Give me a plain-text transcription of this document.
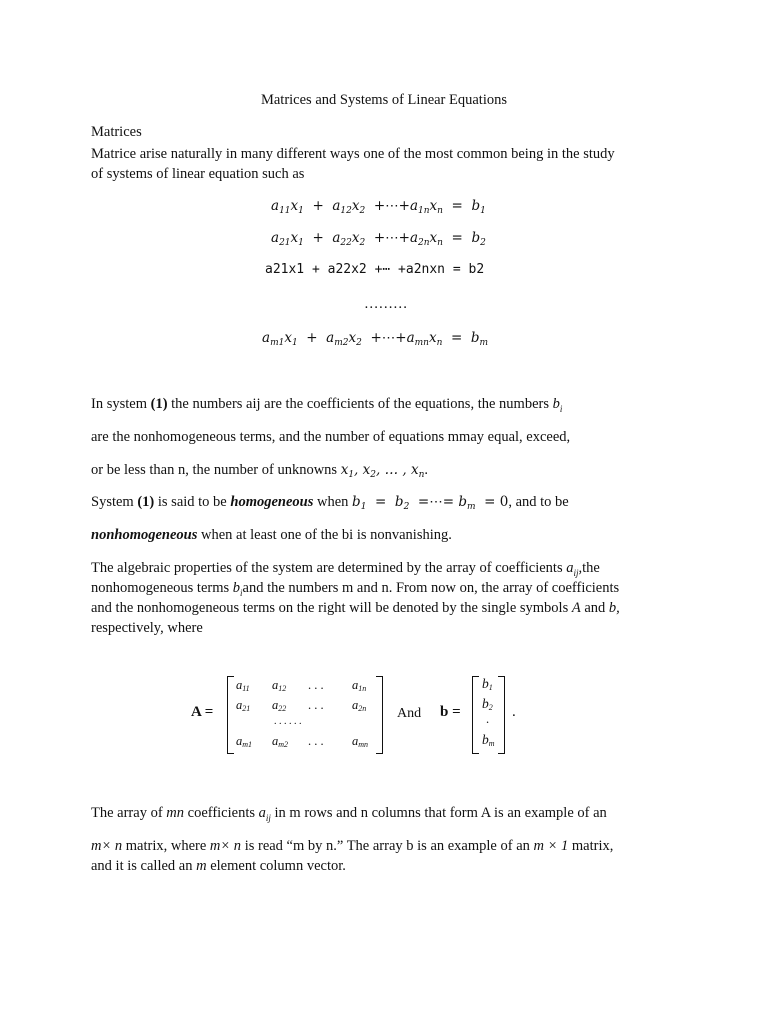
Matrices and Systems of Linear Equations
Matrices
Matrice arise naturally in many different ways one of the most common being in the study
of systems of linear equation such as
$a_{11}x_1 + a_{12}x_2$  $+\cdots+a_{1n}x_n = b_1$
$a_{21}x_1 + a_{22}x_2$  $+\cdots+a_{2n}x_n = b_2$
a21x1 + a22x2 +⋯ +a2nxn = b2
………
$a_{m1}x_1 + a_{m2}x_2$  $+\cdots+a_{mn}x_n = b_m$
In system (1) the numbers aij are the coefficients of the equations, the numbers $b_i$
are the nonhomogeneous terms, and the number of equations mmay equal, exceed,
or be less than n, the number of unknowns $x_1$, $x_2$, … , $x_n$.
System (1) is said to be homogeneous when $b_1 = b_2$  =⋯= $b_m = 0$, and to be
nonhomogeneous when at least one of the bi is nonvanishing.
The algebraic properties of the system are determined by the array of coefficients $a_{ij},the$
nonhomogeneous terms $b_iand$ the numbers m and n. From now on, the array of coefficients
and the nonhomogeneous terms on the right will be denoted by the single symbols A and b,
respectively, where
A =
$a_{11}$ $a_{12}$ . . . $a_{1n}$
$a_{21}$ $a_{22}$ . . . $a_{2n}$
. . . . . .
$a_{m1}$ $a_{m2}$ . . . $a_{mn}$
And b =
$b_1$
$b_2$
.
$b_m$
.
The array of mn coefficients $a_{ij}$ in m rows and n columns that form A is an example of an
m× n matrix, where m× n is read “m by n.” The array b is an example of an m × 1 matrix,
and it is called an m element column vector.
